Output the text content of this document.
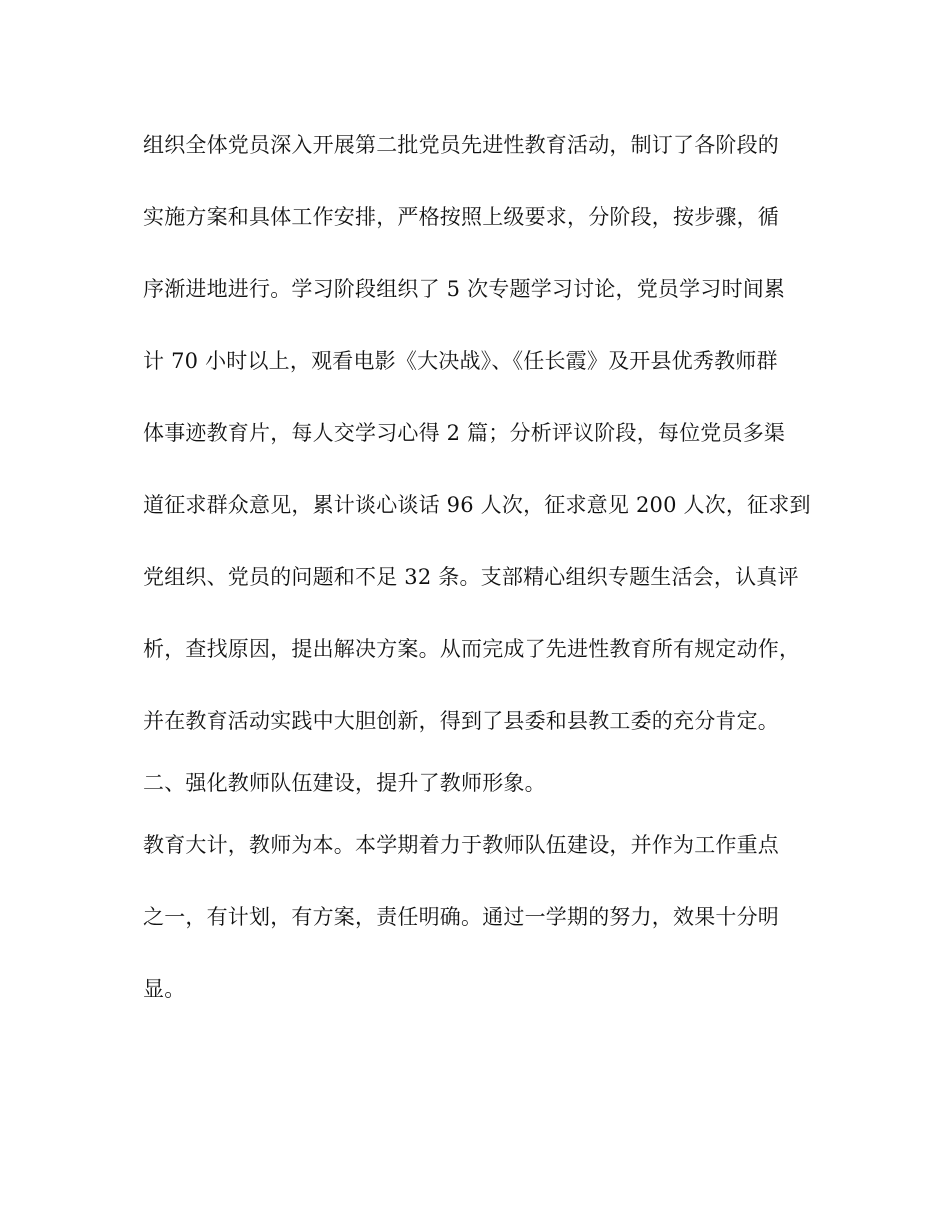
组织全体党员深入开展第二批党员先进性教育活动，制订了各阶段的
实施方案和具体工作安排，严格按照上级要求，分阶段，按步骤，循
序渐进地进行。学习阶段组织了 5 次专题学习讨论，党员学习时间累
计 70 小时以上，观看电影《大决战》、《任长霞》及开县优秀教师群
体事迹教育片，每人交学习心得 2 篇；分析评议阶段，每位党员多渠
道征求群众意见，累计谈心谈话 96 人次，征求意见 200 人次，征求到
党组织、党员的问题和不足 32 条。支部精心组织专题生活会，认真评
析，查找原因，提出解决方案。从而完成了先进性教育所有规定动作，
并在教育活动实践中大胆创新，得到了县委和县教工委的充分肯定。
二、强化教师队伍建设，提升了教师形象。
教育大计，教师为本。本学期着力于教师队伍建设，并作为工作重点
之一，有计划，有方案，责任明确。通过一学期的努力，效果十分明
显。
